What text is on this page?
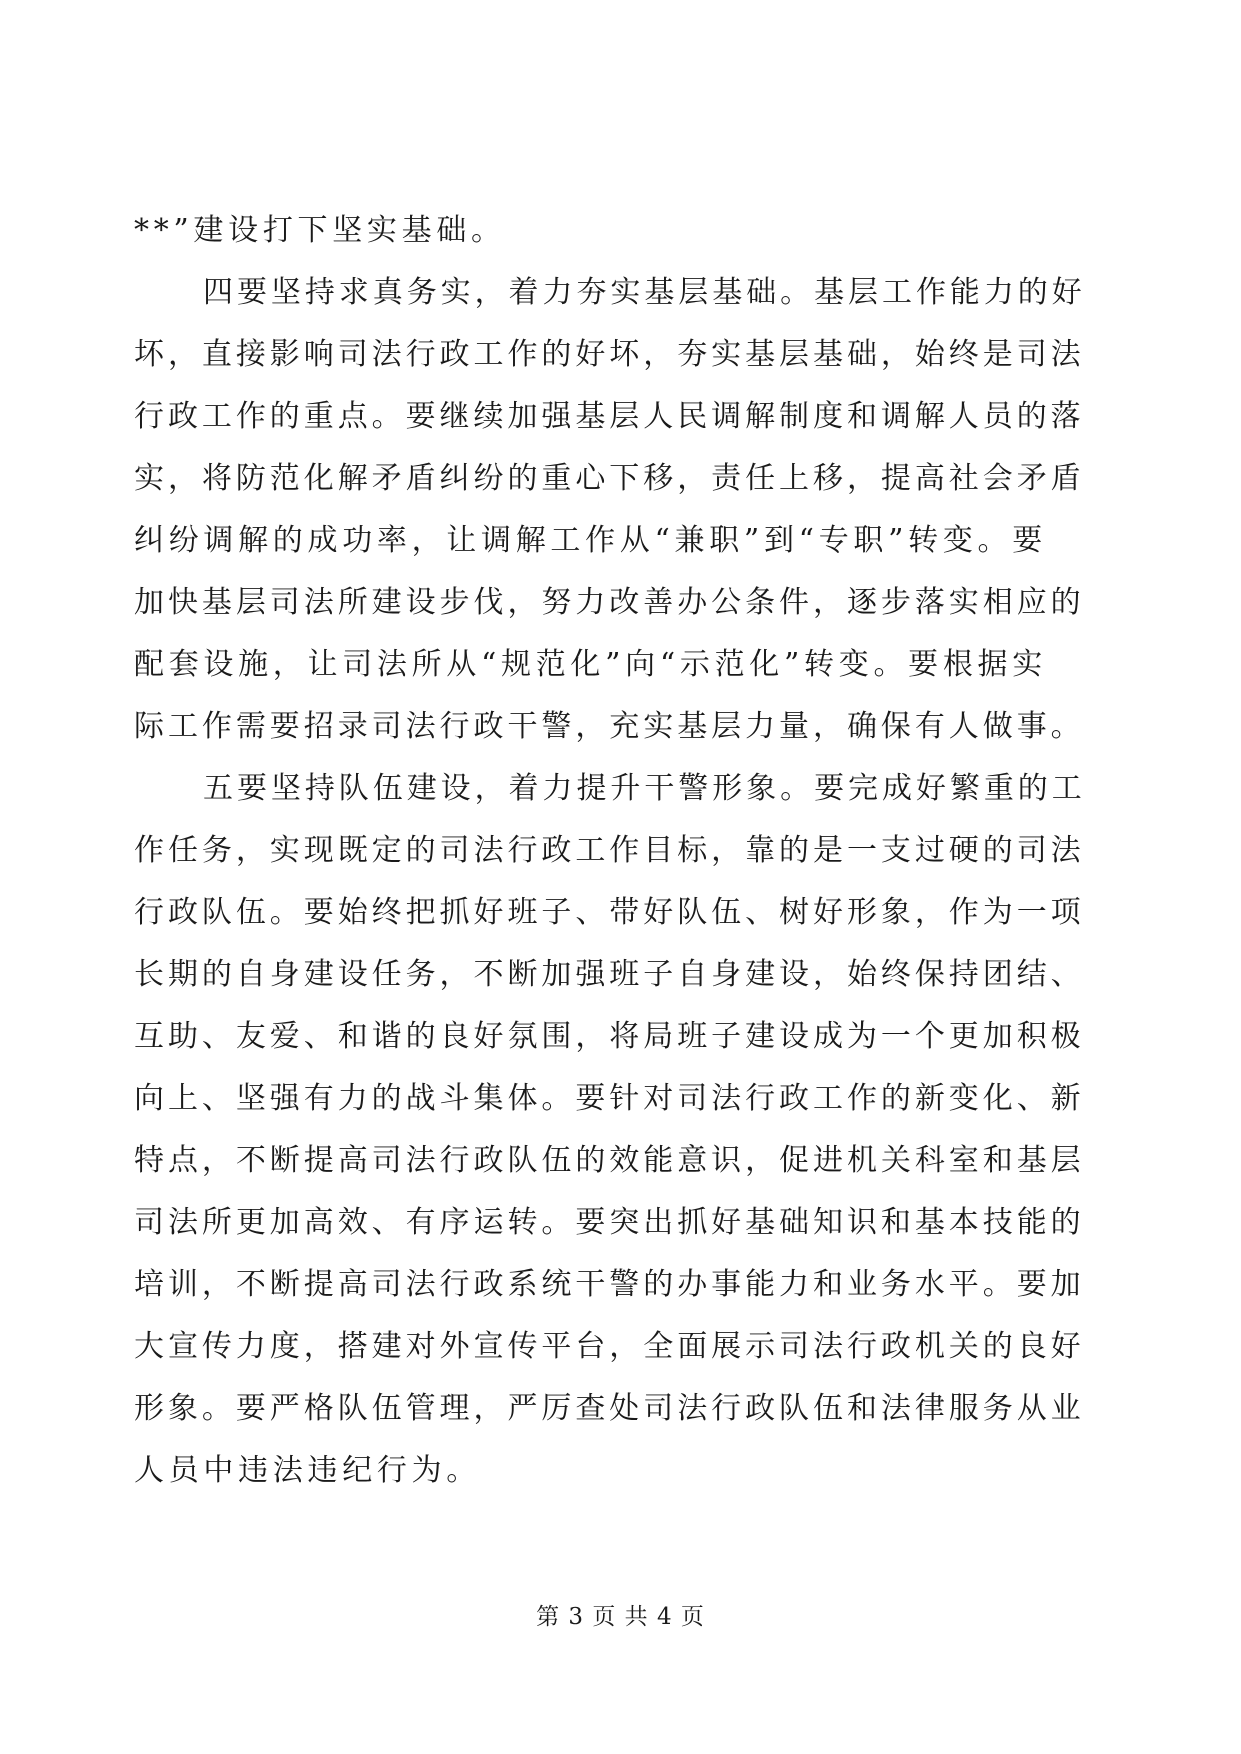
**”建设打下坚实基础。
四要坚持求真务实，着力夯实基层基础。基层工作能力的好
坏，直接影响司法行政工作的好坏，夯实基层基础，始终是司法
行政工作的重点。要继续加强基层人民调解制度和调解人员的落
实，将防范化解矛盾纠纷的重心下移，责任上移，提高社会矛盾
纠纷调解的成功率，让调解工作从“兼职”到“专职”转变。要
加快基层司法所建设步伐，努力改善办公条件，逐步落实相应的
配套设施，让司法所从“规范化”向“示范化”转变。要根据实
际工作需要招录司法行政干警，充实基层力量，确保有人做事。
五要坚持队伍建设，着力提升干警形象。要完成好繁重的工
作任务，实现既定的司法行政工作目标，靠的是一支过硬的司法
行政队伍。要始终把抓好班子、带好队伍、树好形象，作为一项
长期的自身建设任务，不断加强班子自身建设，始终保持团结、
互助、友爱、和谐的良好氛围，将局班子建设成为一个更加积极
向上、坚强有力的战斗集体。要针对司法行政工作的新变化、新
特点，不断提高司法行政队伍的效能意识，促进机关科室和基层
司法所更加高效、有序运转。要突出抓好基础知识和基本技能的
培训，不断提高司法行政系统干警的办事能力和业务水平。要加
大宣传力度，搭建对外宣传平台，全面展示司法行政机关的良好
形象。要严格队伍管理，严厉查处司法行政队伍和法律服务从业
人员中违法违纪行为。
第 3 页 共 4 页
